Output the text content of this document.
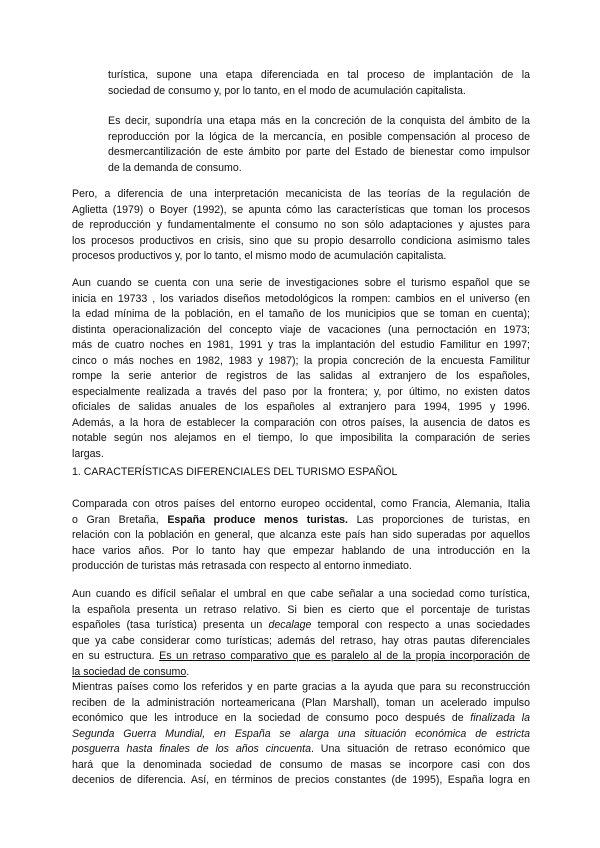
turística, supone una etapa diferenciada en tal proceso de implantación de la
sociedad de consumo y, por lo tanto, en el modo de acumulación capitalista.
Es decir, supondría una etapa más en la concreción de la conquista del ámbito de la
reproducción por la lógica de la mercancía, en posible compensación al proceso de
desmercantilización de este ámbito por parte del Estado de bienestar como impulsor
de la demanda de consumo.
Pero, a diferencia de una interpretación mecanicista de las teorías de la regulación de
Aglietta (1979) o Boyer (1992), se apunta cómo las características que toman los procesos
de reproducción y fundamentalmente el consumo no son sólo adaptaciones y ajustes para
los procesos productivos en crisis, sino que su propio desarrollo condiciona asimismo tales
procesos productivos y, por lo tanto, el mismo modo de acumulación capitalista.
Aun cuando se cuenta con una serie de investigaciones sobre el turismo español que se
inicia en 19733 , los variados diseños metodológicos la rompen: cambios en el universo (en
la edad mínima de la población, en el tamaño de los municipios que se toman en cuenta);
distinta operacionalización del concepto viaje de vacaciones (una pernoctación en 1973;
más de cuatro noches en 1981, 1991 y tras la implantación del estudio Familitur en 1997;
cinco o más noches en 1982, 1983 y 1987); la propia concreción de la encuesta Familitur
rompe la serie anterior de registros de las salidas al extranjero de los españoles,
especialmente realizada a través del paso por la frontera; y, por último, no existen datos
oficiales de salidas anuales de los españoles al extranjero para 1994, 1995 y 1996.
Además, a la hora de establecer la comparación con otros países, la ausencia de datos es
notable según nos alejamos en el tiempo, lo que imposibilita la comparación de series
largas.
1. CARACTERÍSTICAS DIFERENCIALES DEL TURISMO ESPAÑOL
Comparada con otros países del entorno europeo occidental, como Francia, Alemania, Italia
o Gran Bretaña, España produce menos turistas. Las proporciones de turistas, en
relación con la población en general, que alcanza este país han sido superadas por aquellos
hace varios años. Por lo tanto hay que empezar hablando de una introducción en la
producción de turistas más retrasada con respecto al entorno inmediato.
Aun cuando es difícil señalar el umbral en que cabe señalar a una sociedad como turística,
la española presenta un retraso relativo. Si bien es cierto que el porcentaje de turistas
españoles (tasa turística) presenta un decalage temporal con respecto a unas sociedades
que ya cabe considerar como turísticas; además del retraso, hay otras pautas diferenciales
en su estructura. Es un retraso comparativo que es paralelo al de la propia incorporación de
la sociedad de consumo.
Mientras países como los referidos y en parte gracias a la ayuda que para su reconstrucción
reciben de la administración norteamericana (Plan Marshall), toman un acelerado impulso
económico que les introduce en la sociedad de consumo poco después de finalizada la
Segunda Guerra Mundial, en España se alarga una situación económica de estricta
posguerra hasta finales de los años cincuenta. Una situación de retraso económico que
hará que la denominada sociedad de consumo de masas se incorpore casi con dos
decenios de diferencia. Así, en términos de precios constantes (de 1995), España logra en
